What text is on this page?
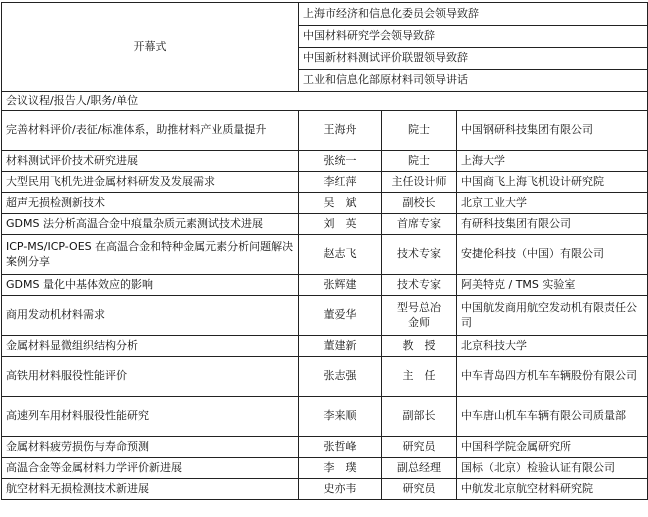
开幕式	上海市经济和信息化委员会领导致辞		
	中国材料研究学会领导致辞		
	中国新材料测试评价联盟领导致辞		
	工业和信息化部原材料司领导讲话		
会议议程/报告人/职务/单位			
完善材料评价/表征/标准体系，助推材料产业质量提升	王海舟	院士	中国钢研科技集团有限公司
材料测试评价技术研究进展	张统一	院士	上海大学
大型民用飞机先进金属材料研发及发展需求	李红萍	主任设计师	中国商飞上海飞机设计研究院
超声无损检测新技术	吴　斌	副校长	北京工业大学
GDMS 法分析高温合金中痕量杂质元素测试技术进展	刘　英	首席专家	有研科技集团有限公司
ICP-MS/ICP-OES 在高温合金和特种金属元素分析问题解决案例分享	赵志飞	技术专家	安捷伦科技（中国）有限公司
GDMS 量化中基体效应的影响	张辉建	技术专家	阿美特克 / TMS 实验室
商用发动机材料需求	董爱华	型号总冶金师	中国航发商用航空发动机有限责任公司
金属材料显微组织结构分析	董建新	教　授	北京科技大学
高铁用材料服役性能评价	张志强	主　任	中车青岛四方机车车辆股份有限公司
高速列车用材料服役性能研究	李来顺	副部长	中车唐山机车车辆有限公司质量部
金属材料疲劳损伤与寿命预测	张哲峰	研究员	中国科学院金属研究所
高温合金等金属材料力学评价新进展	李　璞	副总经理	国标（北京）检验认证有限公司
航空材料无损检测技术新进展	史亦韦	研究员	中航发北京航空材料研究院
